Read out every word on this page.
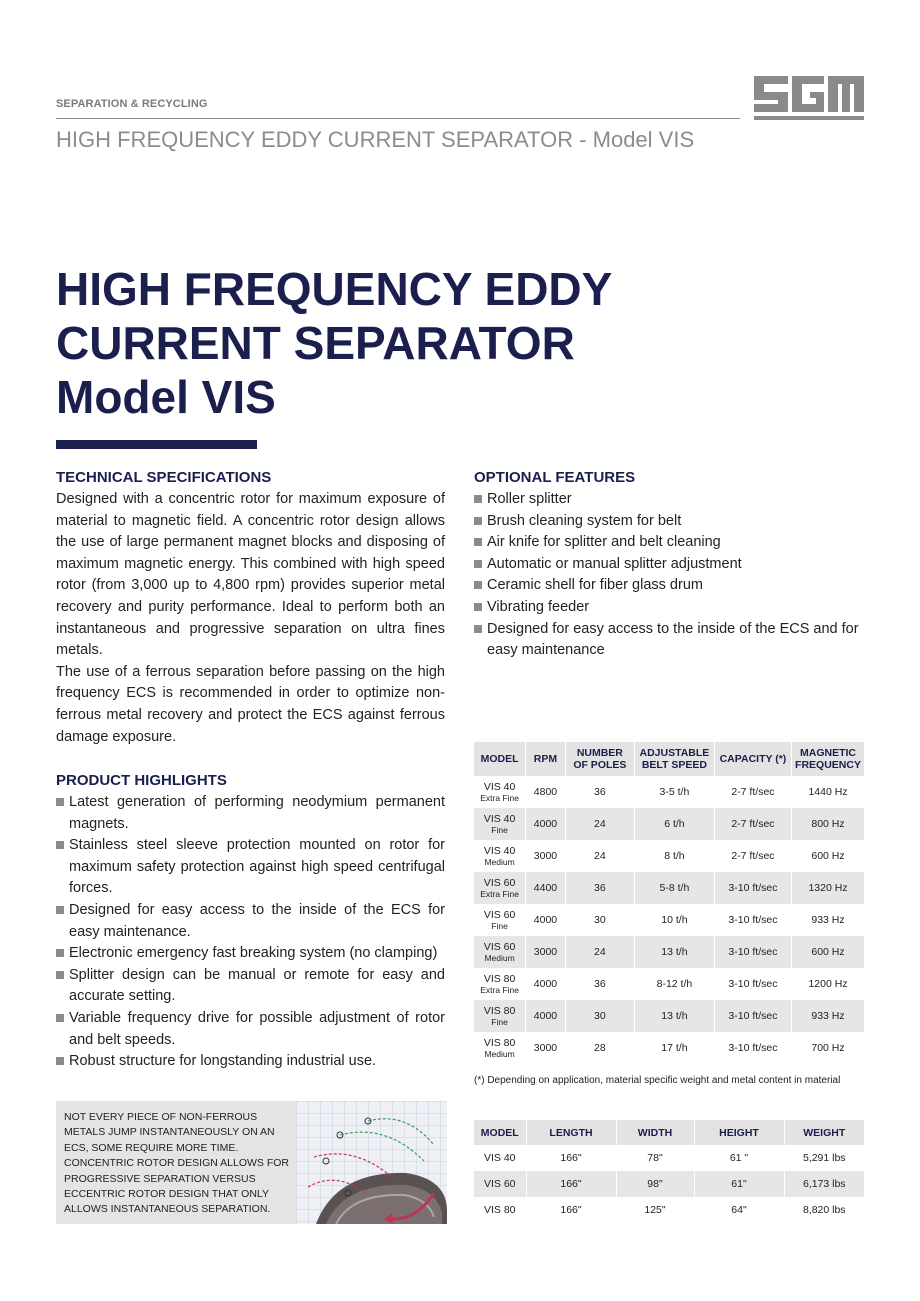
SEPARATION & RECYCLING
HIGH FREQUENCY EDDY CURRENT SEPARATOR - Model VIS
HIGH FREQUENCY EDDY
CURRENT SEPARATOR
Model VIS
TECHNICAL SPECIFICATIONS

Designed with a concentric rotor for maximum exposure of material to magnetic field. A concentric rotor design allows the use of large permanent magnet blocks and disposing of maximum magnetic energy. This combined with high speed rotor (from 3,000 up to 4,800 rpm) provides superior metal recovery and purity performance. Ideal to perform both an instantaneous and progressive separation on ultra fines metals.

The use of a ferrous separation before passing on the high frequency ECS is recommended in order to optimize non-ferrous metal recovery and protect the ECS against ferrous damage exposure.

PRODUCT HIGHLIGHTS
Latest generation of performing neodymium permanent magnets.
Stainless steel sleeve protection mounted on rotor for maximum safety protection against high speed centrifugal forces.
Designed for easy access to the inside of the ECS for easy maintenance.
Electronic emergency fast breaking system (no clamping)
Splitter design can be manual or remote for easy and accurate setting.
Variable frequency drive for possible adjustment of rotor and belt speeds.
Robust structure for longstanding industrial use.
OPTIONAL FEATURES
Roller splitter
Brush cleaning system for belt
Air knife for splitter and belt cleaning
Automatic or manual splitter adjustment
Ceramic shell for fiber glass drum
Vibrating feeder
Designed for easy access to the inside of the ECS and for easy maintenance
MODEL	RPM	NUMBER OF POLES	ADJUSTABLE BELT SPEED	CAPACITY (*)	MAGNETIC FREQUENCY

VIS 40
Extra Fine	4800	36	3-5 t/h	2-7 ft/sec	1440 Hz

VIS 40
Fine	4000	24	6 t/h	2-7 ft/sec	800 Hz

VIS 40
Medium	3000	24	8 t/h	2-7 ft/sec	600 Hz

VIS 60
Extra Fine	4400	36	5-8 t/h	3-10 ft/sec	1320 Hz

VIS 60
Fine	4000	30	10 t/h	3-10 ft/sec	933 Hz

VIS 60
Medium	3000	24	13 t/h	3-10 ft/sec	600 Hz

VIS 80
Extra Fine	4000	36	8-12 t/h	3-10 ft/sec	1200 Hz

VIS 80
Fine	4000	30	13 t/h	3-10 ft/sec	933 Hz

VIS 80
Medium	3000	28	17 t/h	3-10 ft/sec	700 Hz
(*) Depending on application, material specific weight and metal content in material
MODEL	LENGTH	WIDTH	HEIGHT	WEIGHT
VIS 40	166"	78"	61 "	5,291 lbs
VIS 60	166"	98"	61"	6,173 lbs
VIS 80	166"	125"	64"	8,820 lbs
NOT EVERY PIECE OF NON-FERROUS METALS JUMP INSTANTANEOUSLY ON AN ECS, SOME REQUIRE MORE TIME. CONCENTRIC ROTOR DESIGN ALLOWS FOR PROGRESSIVE SEPARATION VERSUS ECCENTRIC ROTOR DESIGN THAT ONLY ALLOWS INSTANTANEOUS SEPARATION.
